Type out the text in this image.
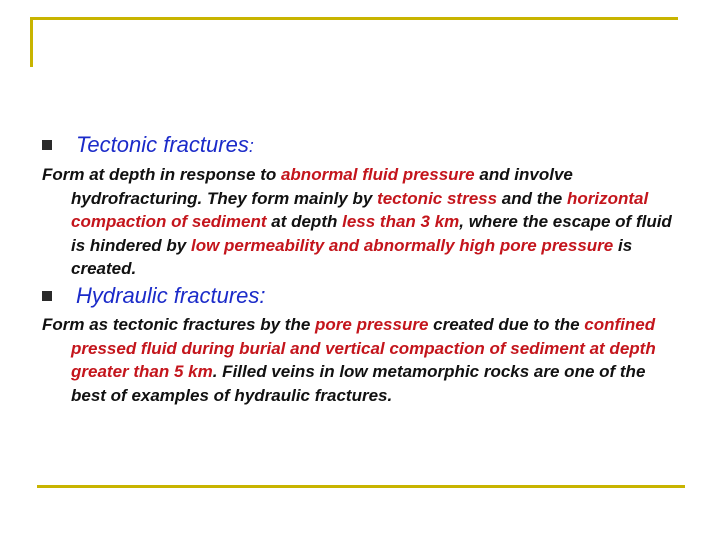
Tectonic fractures:
Form at depth in response to abnormal fluid pressure and involve hydrofracturing. They form mainly by tectonic stress and the horizontal compaction of sediment at depth less than 3 km, where the escape of fluid is hindered by low permeability and abnormally high pore pressure is created.
Hydraulic fractures:
Form as tectonic fractures by the pore pressure created due to the confined pressed fluid during burial and vertical compaction of sediment at depth greater than 5 km. Filled veins in low metamorphic rocks are one of the best of examples of hydraulic fractures.
